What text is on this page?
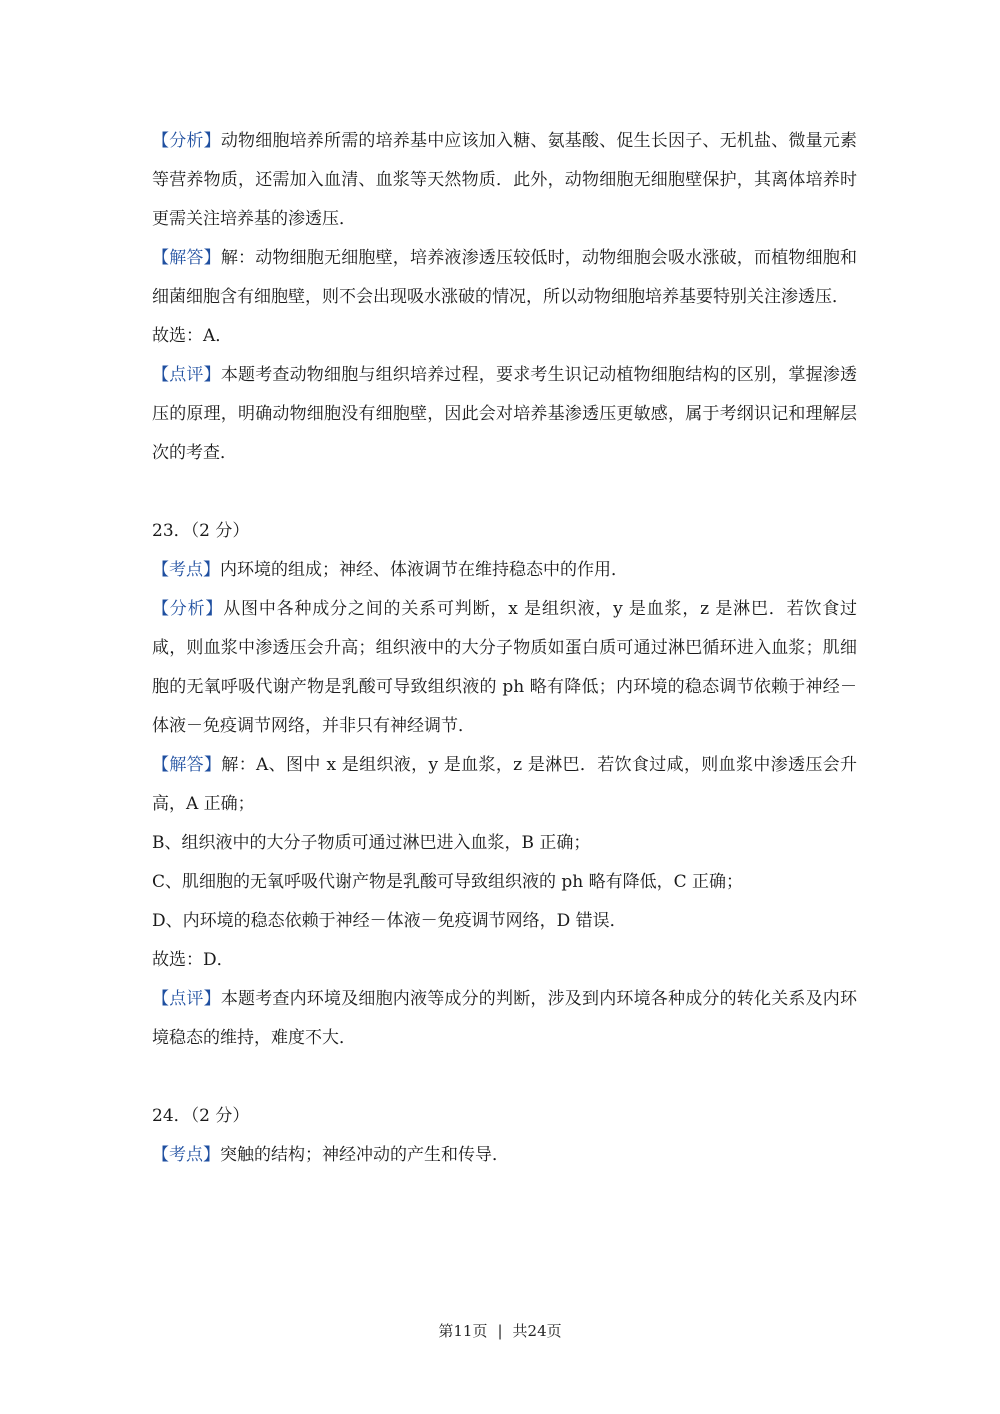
【分析】动物细胞培养所需的培养基中应该加入糖、氨基酸、促生长因子、无机盐、微量元素等营养物质，还需加入血清、血浆等天然物质．此外，动物细胞无细胞壁保护，其离体培养时更需关注培养基的渗透压．

【解答】解：动物细胞无细胞壁，培养液渗透压较低时，动物细胞会吸水涨破，而植物细胞和细菌细胞含有细胞壁，则不会出现吸水涨破的情况，所以动物细胞培养基要特别关注渗透压．

故选：A．

【点评】本题考查动物细胞与组织培养过程，要求考生识记动植物细胞结构的区别，掌握渗透压的原理，明确动物细胞没有细胞壁，因此会对培养基渗透压更敏感，属于考纲识记和理解层次的考查．

23．（2 分）

【考点】内环境的组成；神经、体液调节在维持稳态中的作用．

【分析】从图中各种成分之间的关系可判断，x 是组织液，y 是血浆，z 是淋巴．若饮食过咸，则血浆中渗透压会升高；组织液中的大分子物质如蛋白质可通过淋巴循环进入血浆；肌细胞的无氧呼吸代谢产物是乳酸可导致组织液的 ph 略有降低；内环境的稳态调节依赖于神经－体液－免疫调节网络，并非只有神经调节．

【解答】解：A、图中 x 是组织液，y 是血浆，z 是淋巴．若饮食过咸，则血浆中渗透压会升高，A 正确；

B、组织液中的大分子物质可通过淋巴进入血浆，B 正确；

C、肌细胞的无氧呼吸代谢产物是乳酸可导致组织液的 ph 略有降低，C 正确；

D、内环境的稳态依赖于神经－体液－免疫调节网络，D 错误．

故选：D．

【点评】本题考查内环境及细胞内液等成分的判断，涉及到内环境各种成分的转化关系及内环境稳态的维持，难度不大．

24．（2 分）

【考点】突触的结构；神经冲动的产生和传导．

第11页 | 共24页
